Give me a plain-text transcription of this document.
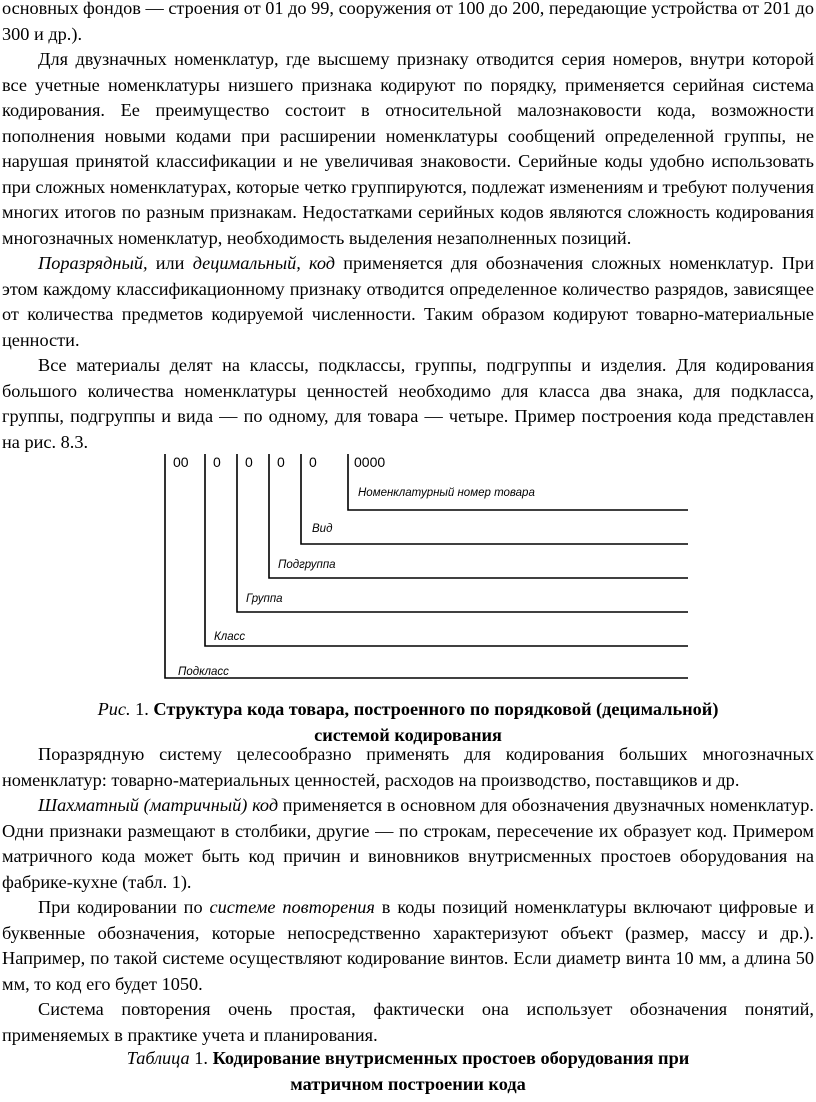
основных фондов — строения от 01 до 99, сооружения от 100 до 200, передающие устройства от 201 до 300 и др.).

Для двузначных номенклатур, где высшему признаку отводится серия номеров, внутри которой все учетные номенклатуры низшего признака кодируют по порядку, применяется серийная система кодирования. Ее преимущество состоит в относительной малознаковости кода, возможности пополнения новыми кодами при расширении номенклатуры сообщений определенной группы, не нарушая принятой классификации и не увеличивая знаковости. Серийные коды удобно использовать при сложных номенклатурах, которые четко группируются, подлежат изменениям и требуют получения многих итогов по разным признакам. Недостатками серийных кодов являются сложность кодирования многозначных номенклатур, необходимость выделения незаполненных позиций.

Поразрядный, или децимальный, код применяется для обозначения сложных номенклатур. При этом каждому классификационному признаку отводится определенное количество разрядов, зависящее от количества предметов кодируемой численности. Таким образом кодируют товарно-материальные ценности.

Все материалы делят на классы, подклассы, группы, подгруппы и изделия. Для кодирования большого количества номенклатуры ценностей необходимо для класса два знака, для подкласса, группы, подгруппы и вида — по одному, для товара — четыре. Пример построения кода представлен на рис. 8.3.

00 0 0 0 0	0000
Номенклатурный номер товара
Вид
Подгруппа
Группа
Класс
Подкласс
Рис. 1. Структура кода товара, построенного по порядковой (децимальной)
системой кодирования

Поразрядную систему целесообразно применять для кодирования больших многозначных номенклатур: товарно-материальных ценностей, расходов на производство, поставщиков и др.

Шахматный (матричный) код применяется в основном для обозначения двузначных номенклатур. Одни признаки размещают в столбики, другие — по строкам, пересечение их образует код. Примером матричного кода может быть код причин и виновников внутрисменных простоев оборудования на фабрике-кухне (табл. 1).

При кодировании по системе повторения в коды позиций номенклатуры включают цифровые и буквенные обозначения, которые непосредственно характеризуют объект (размер, массу и др.). Например, по такой системе осуществляют кодирование винтов. Если диаметр винта 10 мм, а длина 50 мм, то код его будет 1050.

Система повторения очень простая, фактически она использует обозначения понятий, применяемых в практике учета и планирования.

Таблица 1. Кодирование внутрисменных простоев оборудования при
матричном построении кода
